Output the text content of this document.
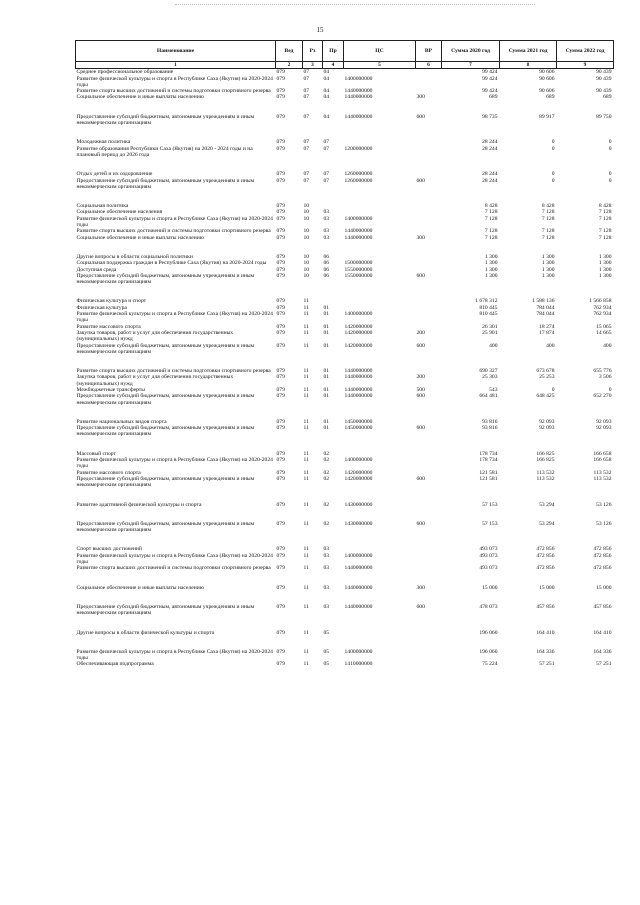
15
Наименование	Вед	Рз	Пр	ЦС	ВР	Сумма 2020 год	Сумма 2021 год	Сумма 2022 год
1	2	3	4	5	6	7	8	9
Среднее профессиональное образование	079	07	04			99 424	90 606	90 439
Развитие физической культуры и спорта в Республике Саха (Якутия) на 2020-2024 годы	079	07	04	1400000000		99 424	90 606	90 439
Развитие спорта высших достижений и системы подготовки спортивного резерва	079	07	04	1440000000		99 424	90 606	90 439
Социальное обеспечение и иные выплаты населению	079	07	04	1440000000	300	689	689	689

Предоставление субсидий бюджетным, автономным учреждениям и иным некоммерческим организациям	079	07	04	1440000000	600	98 735	89 917	89 750

Молодежная политика	079	07	07			28 244	0	0
Развитие образования Республики Саха (Якутия) на 2020 - 2024 годы и на плановый период до 2026 года	079	07	07	1200000000		28 244	0	0

Отдых детей и их оздоровление	079	07	07	1260000000		28 244	0	0
Предоставление субсидий бюджетным, автономным учреждениям и иным некоммерческим организациям	079	07	07	1260000000	600	28 244	0	0

Социальная политика	079	10				8 428	8 428	8 428
Социальное обеспечение населения	079	10	03			7 128	7 128	7 128
Развитие физической культуры и спорта в Республике Саха (Якутия) на 2020-2024 годы	079	10	03	1400000000		7 128	7 128	7 128
Развитие спорта высших достижений и системы подготовки спортивного резерва	079	10	03	1440000000		7 128	7 128	7 128
Социальное обеспечение и иные выплаты населению	079	10	03	1440000000	300	7 128	7 128	7 128

Другие вопросы в области социальной политики	079	10	06			1 300	1 300	1 300
Социальная поддержка граждан в Республике Саха (Якутия) на 2020-2024 годы	079	10	06	1500000000		1 300	1 300	1 300
Доступная среда	079	10	06	1550000000		1 300	1 300	1 300
Предоставление субсидий бюджетным, автономным учреждениям и иным некоммерческим организациям	079	10	06	1550000000	600	1 300	1 300	1 300

Физическая культура и спорт	079	11				1 678 312	1 588 136	1 566 858
Физическая культура	079	11	01			810 445	784 044	762 934
Развитие физической культуры и спорта в Республике Саха (Якутия) на 2020-2024 годы	079	11	01	1400000000		810 445	784 044	762 934
Развитие массового спорта	079	11	01	1420000000		26 301	18 274	15 065
Закупка товаров, работ и услуг для обеспечения государственных (муниципальных) нужд	079	11	01	1420000000	200	25 901	17 874	14 665
Предоставление субсидий бюджетным, автономным учреждениям и иным некоммерческим организациям	079	11	01	1420000000	600	400	400	400

Развитие спорта высших достижений и системы подготовки спортивного резерва	079	11	01	1440000000		690 327	673 678	655 776
Закупка товаров, работ и услуг для обеспечения государственных (муниципальных) нужд	079	11	01	1440000000	200	25 303	25 253	3 506
Межбюджетные трансферты	079	11	01	1440000000	500	543	0	0
Предоставление субсидий бюджетным, автономным учреждениям и иным некоммерческим организациям	079	11	01	1440000000	600	664 481	648 425	652 270

Развитие национальных видов спорта	079	11	01	1450000000		93 816	92 093	92 093
Предоставление субсидий бюджетным, автономным учреждениям и иным некоммерческим организациям	079	11	01	1450000000	600	93 816	92 093	92 093

Массовый спорт	079	11	02			178 734	166 825	166 658
Развитие физической культуры и спорта в Республике Саха (Якутия) на 2020-2024 годы	079	11	02	1400000000		178 734	166 825	166 658
Развитие массового спорта	079	11	02	1420000000		121 581	113 532	113 532
Предоставление субсидий бюджетным, автономным учреждениям и иным некоммерческим организациям	079	11	02	1420000000	600	121 581	113 532	113 532

Развитие адаптивной физической культуры и спорта	079	11	02	1430000000		57 153	53 294	53 126

Предоставление субсидий бюджетным, автономным учреждениям и иным некоммерческим организациям	079	11	02	1430000000	600	57 153	53 294	53 126

Спорт высших достижений	079	11	03			493 073	472 856	472 856
Развитие физической культуры и спорта в Республике Саха (Якутия) на 2020-2024 годы	079	11	03	1400000000		493 073	472 856	472 856
Развитие спорта высших достижений и системы подготовки спортивного резерва	079	11	03	1440000000		493 073	472 856	472 856

Социальное обеспечение и иные выплаты населению	079	11	03	1440000000	300	15 000	15 000	15 000

Предоставление субсидий бюджетным, автономным учреждениям и иным некоммерческим организациям	079	11	03	1440000000	600	478 073	457 856	457 856

Другие вопросы в области физической культуры и спорта	079	11	05			196 060	164 410	164 410

Развитие физической культуры и спорта в Республике Саха (Якутия) на 2020-2024 годы	079	11	05	1400000000		196 060	164 336	164 336
Обеспечивающая подпрограмма	079	11	05	1410000000		75 224	57 251	57 251
